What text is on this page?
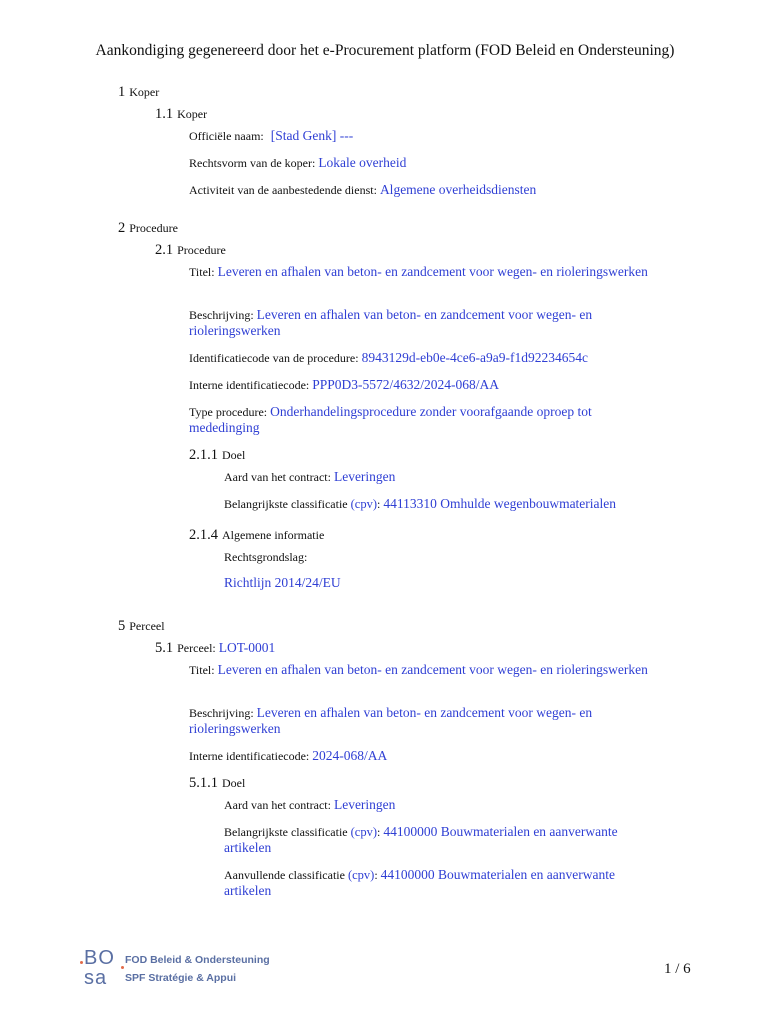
Aankondiging gegenereerd door het e-Procurement platform (FOD Beleid en Ondersteuning)
1 Koper
1.1 Koper
Officiële naam: [Stad Genk] ---
Rechtsvorm van de koper: Lokale overheid
Activiteit van de aanbestedende dienst: Algemene overheidsdiensten
2 Procedure
2.1 Procedure
Titel: Leveren en afhalen van beton- en zandcement voor wegen- en rioleringswerken
Beschrijving: Leveren en afhalen van beton- en zandcement voor wegen- en rioleringswerken
Identificatiecode van de procedure: 8943129d-eb0e-4ce6-a9a9-f1d92234654c
Interne identificatiecode: PPP0D3-5572/4632/2024-068/AA
Type procedure: Onderhandelingsprocedure zonder voorafgaande oproep tot mededinging
2.1.1 Doel
Aard van het contract: Leveringen
Belangrijkste classificatie (cpv): 44113310 Omhulde wegenbouwmaterialen
2.1.4 Algemene informatie
Rechtsgrondslag:
Richtlijn 2014/24/EU
5 Perceel
5.1 Perceel: LOT-0001
Titel: Leveren en afhalen van beton- en zandcement voor wegen- en rioleringswerken
Beschrijving: Leveren en afhalen van beton- en zandcement voor wegen- en rioleringswerken
Interne identificatiecode: 2024-068/AA
5.1.1 Doel
Aard van het contract: Leveringen
Belangrijkste classificatie (cpv): 44100000 Bouwmaterialen en aanverwante artikelen
Aanvullende classificatie (cpv): 44100000 Bouwmaterialen en aanverwante artikelen
BO
sa
FOD Beleid & Ondersteuning
SPF Stratégie & Appui
1 / 6
